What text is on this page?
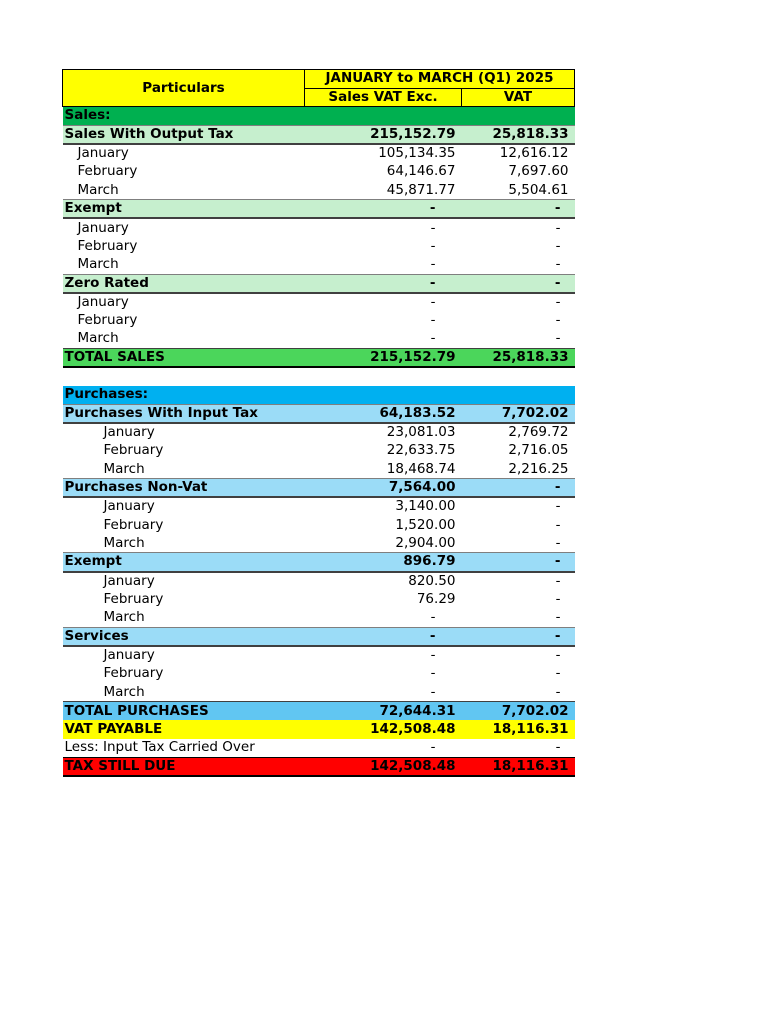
Particulars	JANUARY to MARCH (Q1) 2025	
	Sales VAT Exc.	VAT
Sales:		
Sales With Output Tax	215,152.79	25,818.33
January	105,134.35	12,616.12
February	64,146.67	7,697.60
March	45,871.77	5,504.61
Exempt	-	-
January	-	-
February	-	-
March	-	-
Zero Rated	-	-
January	-	-
February	-	-
March	-	-
TOTAL SALES	215,152.79	25,818.33

Purchases:		
Purchases With Input Tax	64,183.52	7,702.02
January	23,081.03	2,769.72
February	22,633.75	2,716.05
March	18,468.74	2,216.25
Purchases Non-Vat	7,564.00	-
January	3,140.00	-
February	1,520.00	-
March	2,904.00	-
Exempt	896.79	-
January	820.50	-
February	76.29	-
March	-	-
Services	-	-
January	-	-
February	-	-
March	-	-
TOTAL PURCHASES	72,644.31	7,702.02
VAT PAYABLE	142,508.48	18,116.31
Less: Input Tax Carried Over	-	-
TAX STILL DUE	142,508.48	18,116.31
